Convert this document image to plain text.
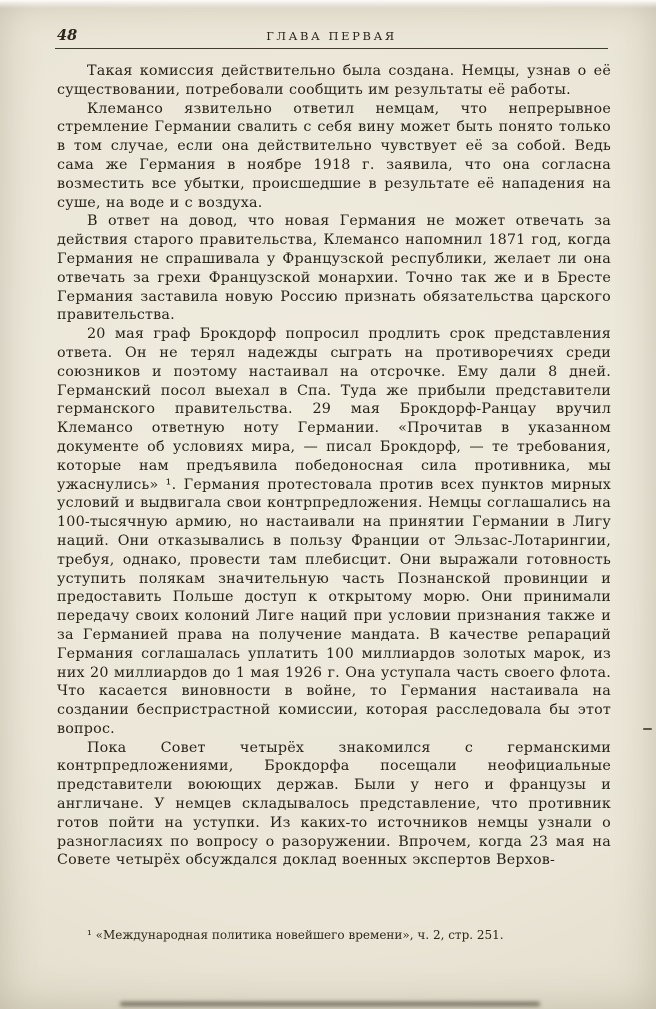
48	ГЛАВА ПЕРВАЯ

Такая комиссия действительно была создана. Немцы, узнав о её существовании, потребовали сообщить им результаты её работы.

Клемансо язвительно ответил немцам, что непрерывное стремление Германии свалить с себя вину может быть понято только в том случае, если она действительно чувствует её за собой. Ведь сама же Германия в ноябре 1918 г. заявила, что она согласна возместить все убытки, происшедшие в результате её нападения на суше, на воде и с воздуха.

В ответ на довод, что новая Германия не может отвечать за действия старого правительства, Клемансо напомнил 1871 год, когда Германия не спрашивала у Французской республики, желает ли она отвечать за грехи Французской монархии. Точно так же и в Бресте Германия заставила новую Россию признать обязательства царского правительства.

20 мая граф Брокдорф попросил продлить срок представления ответа. Он не терял надежды сыграть на противоречиях среди союзников и поэтому настаивал на отсрочке. Ему дали 8 дней. Германский посол выехал в Спа. Туда же прибыли представители германского правительства. 29 мая Брокдорф-Ранцау вручил Клемансо ответную ноту Германии. «Прочитав в указанном документе об условиях мира, — писал Брокдорф, — те требования, которые нам предъявила победоносная сила противника, мы ужаснулись» ¹. Германия протестовала против всех пунктов мирных условий и выдвигала свои контрпредложения. Немцы соглашались на 100-тысячную армию, но настаивали на принятии Германии в Лигу наций. Они отказывались в пользу Франции от Эльзас-Лотарингии, требуя, однако, провести там плебисцит. Они выражали готовность уступить полякам значительную часть Познанской провинции и предоставить Польше доступ к открытому морю. Они принимали передачу своих колоний Лиге наций при условии признания также и за Германией права на получение мандата. В качестве репараций Германия соглашалась уплатить 100 миллиардов золотых марок, из них 20 миллиардов до 1 мая 1926 г. Она уступала часть своего флота. Что касается виновности в войне, то Германия настаивала на создании беспристрастной комиссии, которая расследовала бы этот вопрос.

Пока Совет четырёх знакомился с германскими контрпредложениями, Брокдорфа посещали неофициальные представители воюющих держав. Были у него и французы и англичане. У немцев складывалось представление, что противник готов пойти на уступки. Из каких-то источников немцы узнали о разногласиях по вопросу о разоружении. Впрочем, когда 23 мая на Совете четырёх обсуждался доклад военных экспертов Верхов-

¹ «Международная политика новейшего времени», ч. 2, стр. 251.
